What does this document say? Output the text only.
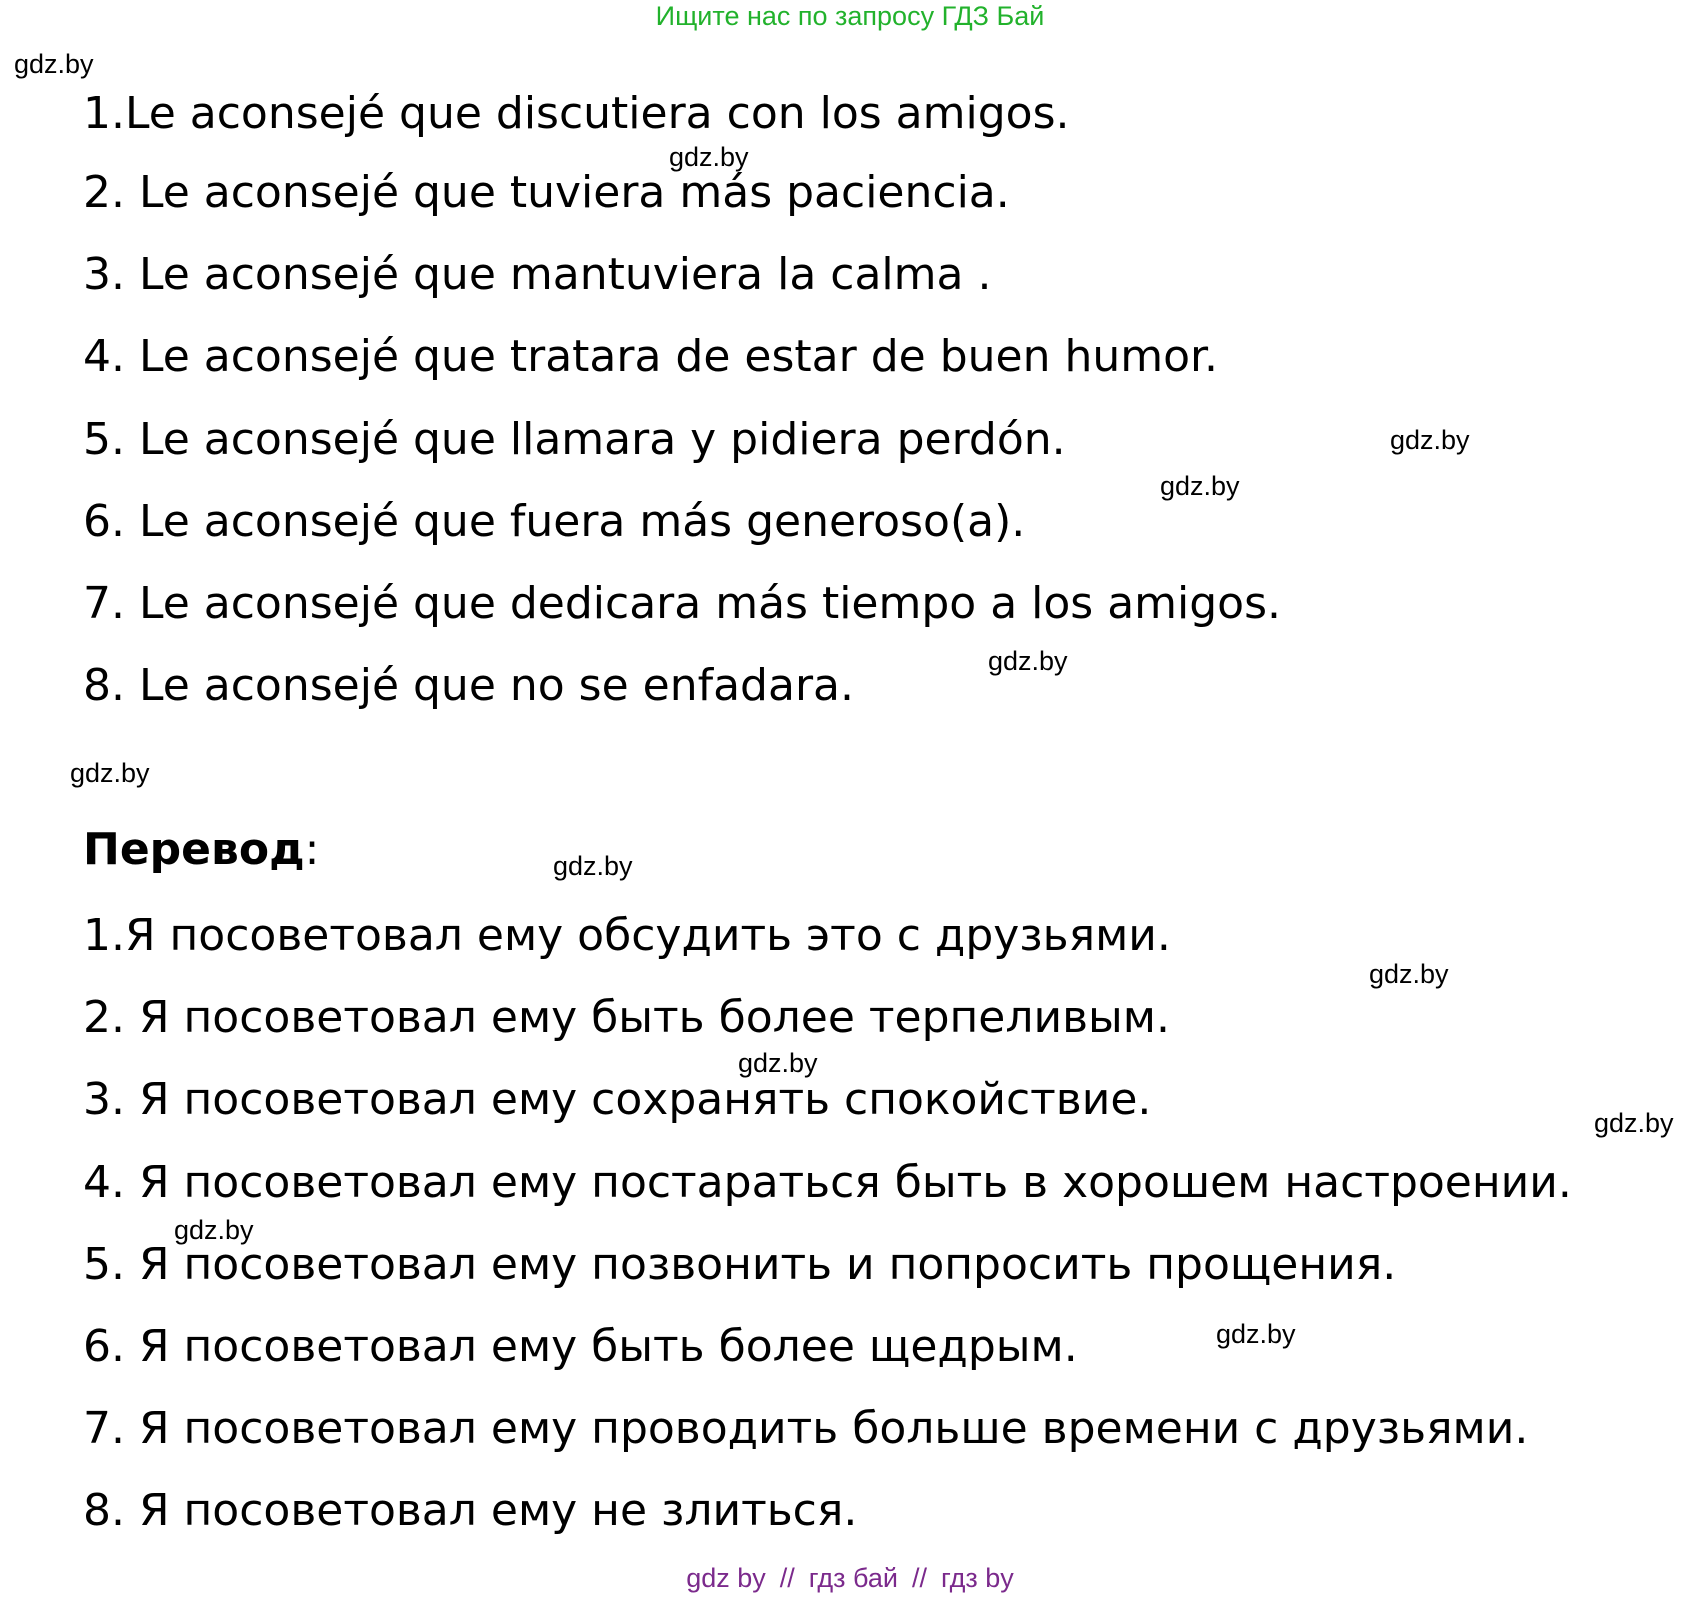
Ищите нас по запросу ГДЗ Бай
1.Le aconsejé que discutiera con los amigos.
2. Le aconsejé que tuviera más paciencia.
3. Le aconsejé que mantuviera la calma .
4. Le aconsejé que tratara de estar de buen humor.
5. Le aconsejé que llamara y pidiera perdón.
6. Le aconsejé que fuera más generoso(a).
7. Le aconsejé que dedicara más tiempo a los amigos.
8. Le aconsejé que no se enfadara.
Перевод:
1.Я посоветовал ему обсудить это с друзьями.
2. Я посоветовал ему быть более терпеливым.
3. Я посоветовал ему сохранять спокойствие.
4. Я посоветовал ему постараться быть в хорошем настроении.
5. Я посоветовал ему позвонить и попросить прощения.
6. Я посоветовал ему быть более щедрым.
7. Я посоветовал ему проводить больше времени с друзьями.
8. Я посоветовал ему не злиться.
gdz.by
gdz.by
gdz.by
gdz.by
gdz.by
gdz.by
gdz.by
gdz.by
gdz.by
gdz.by
gdz.by
gdz.by
gdz by // гдз бай // гдз by
